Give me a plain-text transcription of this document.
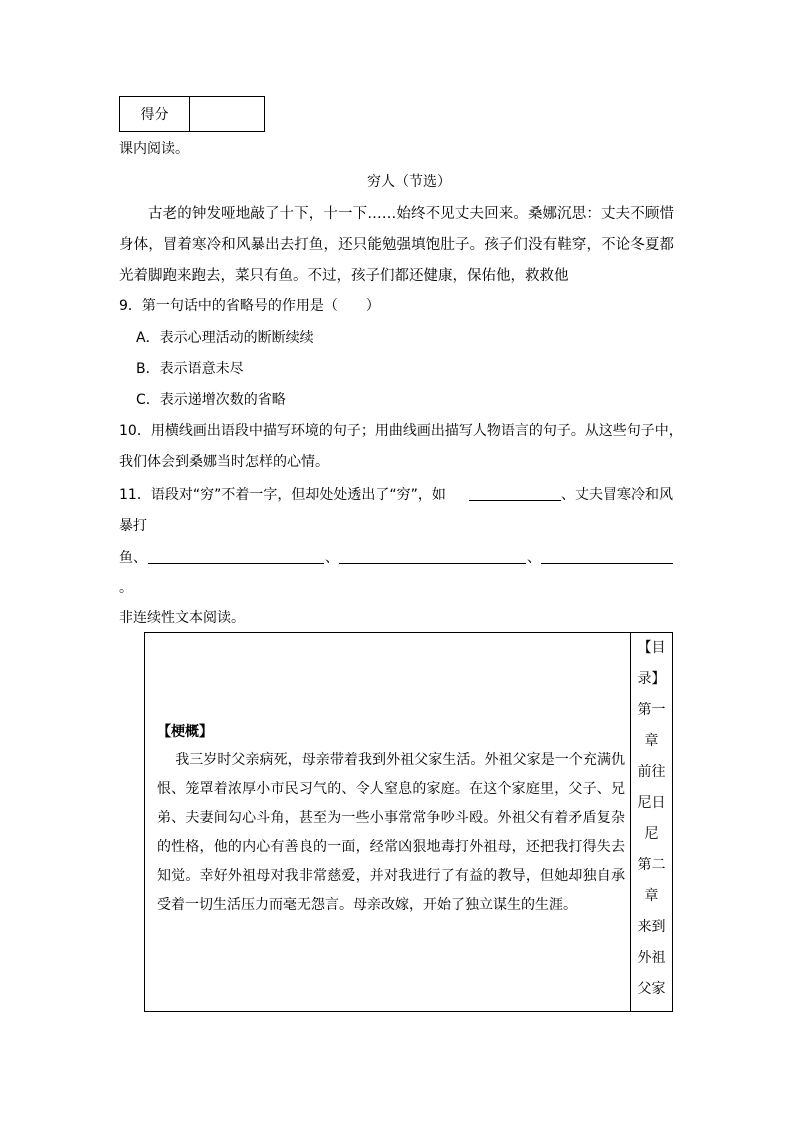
得分	
课内阅读。
穷人（节选）
古老的钟发哑地敲了十下，十一下……始终不见丈夫回来。桑娜沉思：丈夫不顾惜身体，冒着寒冷和风暴出去打鱼，还只能勉强填饱肚子。孩子们没有鞋穿，不论冬夏都光着脚跑来跑去，菜只有鱼。不过，孩子们都还健康，保佑他，救救他
9．第一句话中的省略号的作用是（　　）
A．表示心理活动的断断续续
B．表示语意未尽
C．表示递增次数的省略
10．用横线画出语段中描写环境的句子；用曲线画出描写人物语言的句子。从这些句子中，
我们体会到桑娜当时怎样的心情。
11．语段对“穷”不着一字，但却处处透出了“穷”，如	、丈夫冒寒冷和风
暴打
鱼、	、	、
。
非连续性文本阅读。
【梗概】
我三岁时父亲病死，母亲带着我到外祖父家生活。外祖父家是一个充满仇恨、笼罩着浓厚小市民习气的、令人窒息的家庭。在这个家庭里，父子、兄弟、夫妻间勾心斗角，甚至为一些小事常常争吵斗殴。外祖父有着矛盾复杂的性格，他的内心有善良的一面，经常凶狠地毒打外祖母，还把我打得失去知觉。幸好外祖母对我非常慈爱，并对我进行了有益的教导，但她却独自承受着一切生活压力而毫无怨言。母亲改嫁，开始了独立谋生的生涯。
【目
录】
第一
章
前往
尼日
尼
第二
章
来到
外祖
父家
